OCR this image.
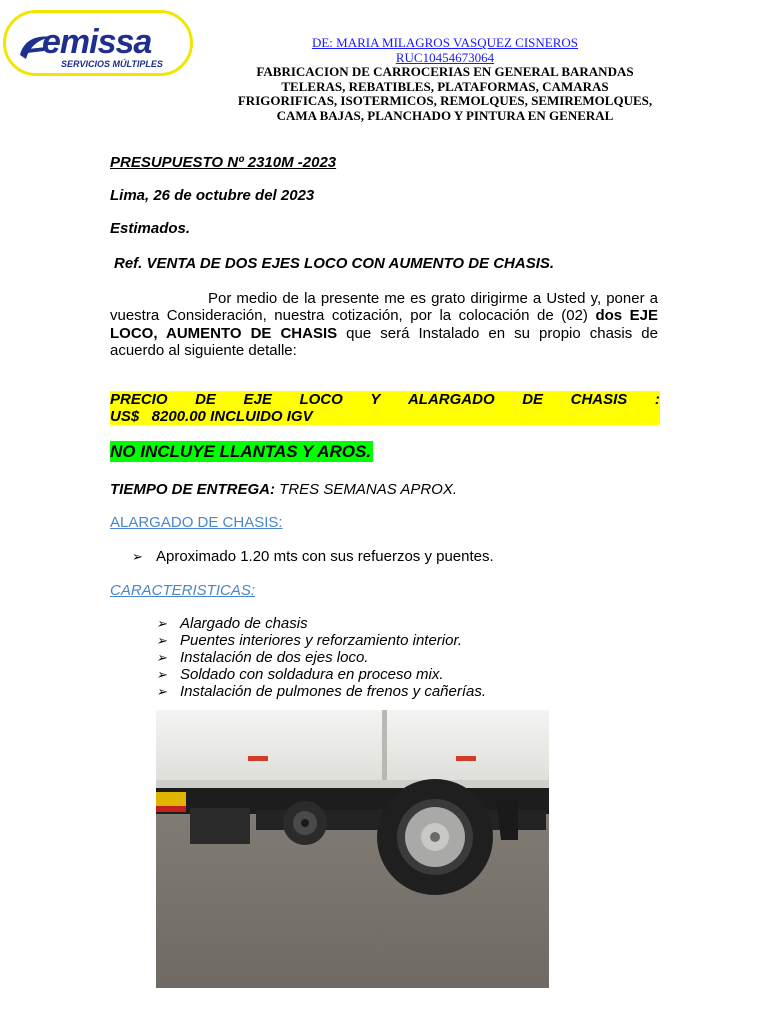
emissa
SERVICIOS MÚLTIPLES
DE: MARIA MILAGROS VASQUEZ CISNEROS
RUC10454673064
FABRICACION DE CARROCERIAS EN GENERAL BARANDAS
TELERAS, REBATIBLES, PLATAFORMAS, CAMARAS
FRIGORIFICAS, ISOTERMICOS, REMOLQUES, SEMIREMOLQUES,
CAMA BAJAS, PLANCHADO Y PINTURA EN GENERAL
PRESUPUESTO Nº 2310M -2023
Lima, 26 de octubre del 2023
Estimados.
Ref. VENTA DE DOS EJES LOCO CON AUMENTO DE CHASIS.
Por medio de la presente me es grato dirigirme a Usted y, poner a vuestra Consideración, nuestra cotización, por la colocación de (02) dos EJE LOCO, AUMENTO DE CHASIS que será Instalado en su propio chasis de acuerdo al siguiente detalle:
PRECIO DE EJE LOCO Y ALARGADO DE CHASIS :
US$   8200.00 INCLUIDO IGV
NO INCLUYE LLANTAS Y AROS.
TIEMPO DE ENTREGA: TRES SEMANAS APROX.
ALARGADO DE CHASIS:
➢ Aproximado 1.20 mts con sus refuerzos y puentes.
CARACTERISTICAS:
➢ Alargado de chasis
➢ Puentes interiores y reforzamiento interior.
➢ Instalación de dos ejes loco.
➢ Soldado con soldadura en proceso mix.
➢ Instalación de pulmones de frenos y cañerías.
